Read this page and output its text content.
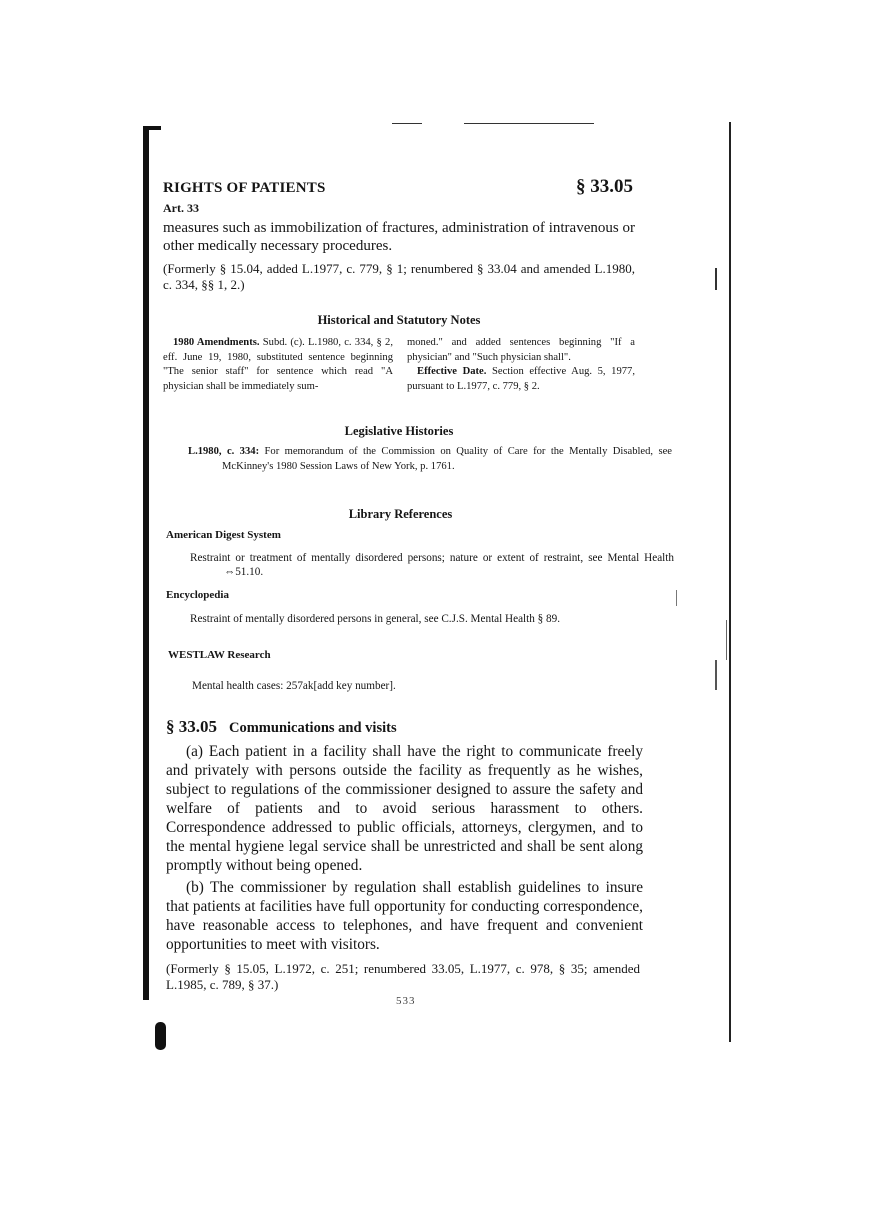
RIGHTS OF PATIENTS	§ 33.05
Art. 33
measures such as immobilization of fractures, administration of intravenous or other medically necessary procedures.
(Formerly § 15.04, added L.1977, c. 779, § 1; renumbered § 33.04 and amended L.1980, c. 334, §§ 1, 2.)
Historical and Statutory Notes
1980 Amendments. Subd. (c). L.1980, c. 334, § 2, eff. June 19, 1980, substituted sentence beginning "The senior staff" for sentence which read "A physician shall be immediately sum-
moned." and added sentences beginning "If a physician" and "Such physician shall".
Effective Date. Section effective Aug. 5, 1977, pursuant to L.1977, c. 779, § 2.
Legislative Histories
L.1980, c. 334: For memorandum of the Commission on Quality of Care for the Mentally Disabled, see McKinney's 1980 Session Laws of New York, p. 1761.
Library References
American Digest System
Restraint or treatment of mentally disordered persons; nature or extent of restraint, see Mental Health ⇔51.10.
Encyclopedia
Restraint of mentally disordered persons in general, see C.J.S. Mental Health § 89.
WESTLAW Research
Mental health cases: 257ak[add key number].
§ 33.05 Communications and visits
(a) Each patient in a facility shall have the right to communicate freely and privately with persons outside the facility as frequently as he wishes, subject to regulations of the commissioner designed to assure the safety and welfare of patients and to avoid serious harassment to others. Correspondence addressed to public officials, attorneys, clergymen, and to the mental hygiene legal service shall be unrestricted and shall be sent along promptly without being opened.
(b) The commissioner by regulation shall establish guidelines to insure that patients at facilities have full opportunity for conducting correspondence, have reasonable access to telephones, and have frequent and convenient opportunities to meet with visitors.
(Formerly § 15.05, L.1972, c. 251; renumbered 33.05, L.1977, c. 978, § 35; amended L.1985, c. 789, § 37.)
533
